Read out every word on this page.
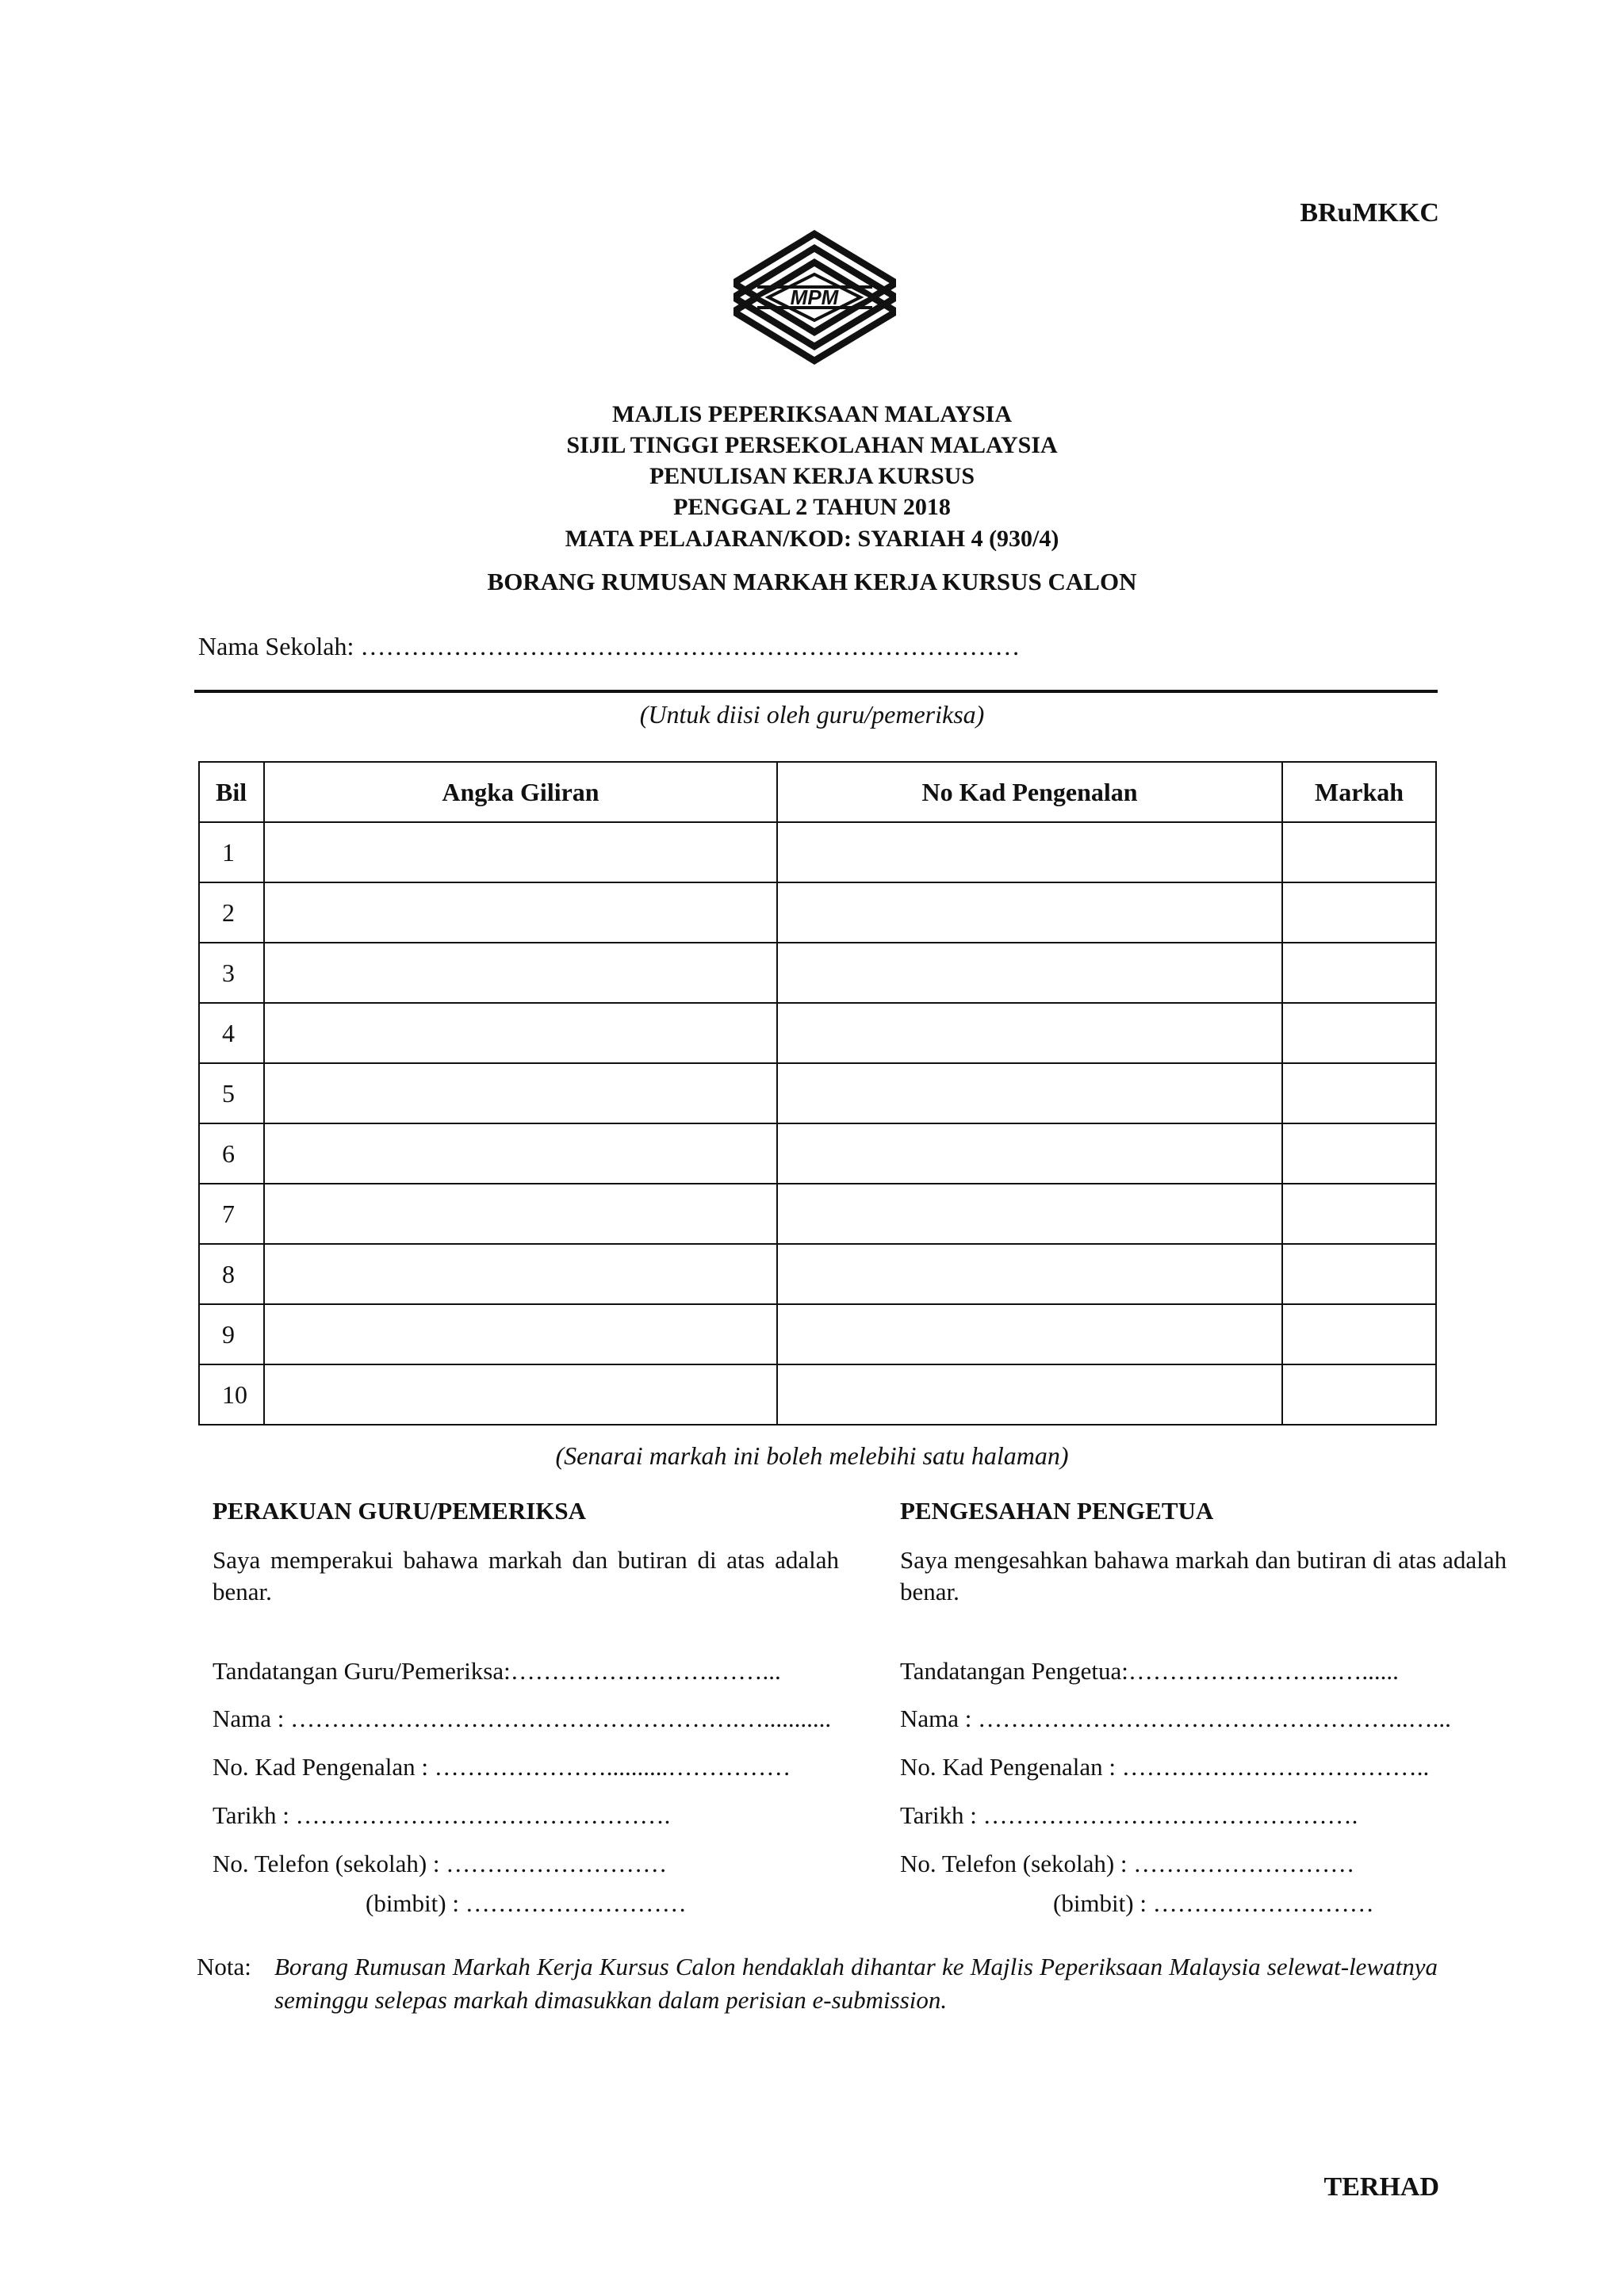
BRuMKKC
MPM
MAJLIS PEPERIKSAAN MALAYSIA
SIJIL TINGGI PERSEKOLAHAN MALAYSIA
PENULISAN KERJA KURSUS
PENGGAL 2 TAHUN 2018
MATA PELAJARAN/KOD: SYARIAH 4 (930/4)
BORANG RUMUSAN MARKAH KERJA KURSUS CALON
Nama Sekolah: ……………………………………………………………………
(Untuk diisi oleh guru/pemeriksa)
Bil	Angka Giliran	No Kad Pengenalan	Markah
1			
2			
3			
4			
5			
6			
7			
8			
9			
10			
(Senarai markah ini boleh melebihi satu halaman)
PERAKUAN GURU/PEMERIKSA
Saya memperakui bahawa markah dan butiran di atas adalah benar.
Tandatangan Guru/Pemeriksa:…………………….……...
Nama : ……………………………………………….…...........
No. Kad Pengenalan : …………………..........……………
Tarikh : ……………………………………….
No. Telefon (sekolah) : ………………………
(bimbit) : ………………………
PENGESAHAN PENGETUA
Saya mengesahkan bahawa markah dan butiran di atas adalah benar.
Tandatangan Pengetua:……………………..…......
Nama : ……………………………………………..…...
No. Kad Pengenalan : ………………………………..
Tarikh : ……………………………………….
No. Telefon (sekolah) : ………………………
(bimbit) : ………………………
Nota: Borang Rumusan Markah Kerja Kursus Calon hendaklah dihantar ke Majlis Peperiksaan Malaysia selewat-lewatnya seminggu selepas markah dimasukkan dalam perisian e-submission.
TERHAD
